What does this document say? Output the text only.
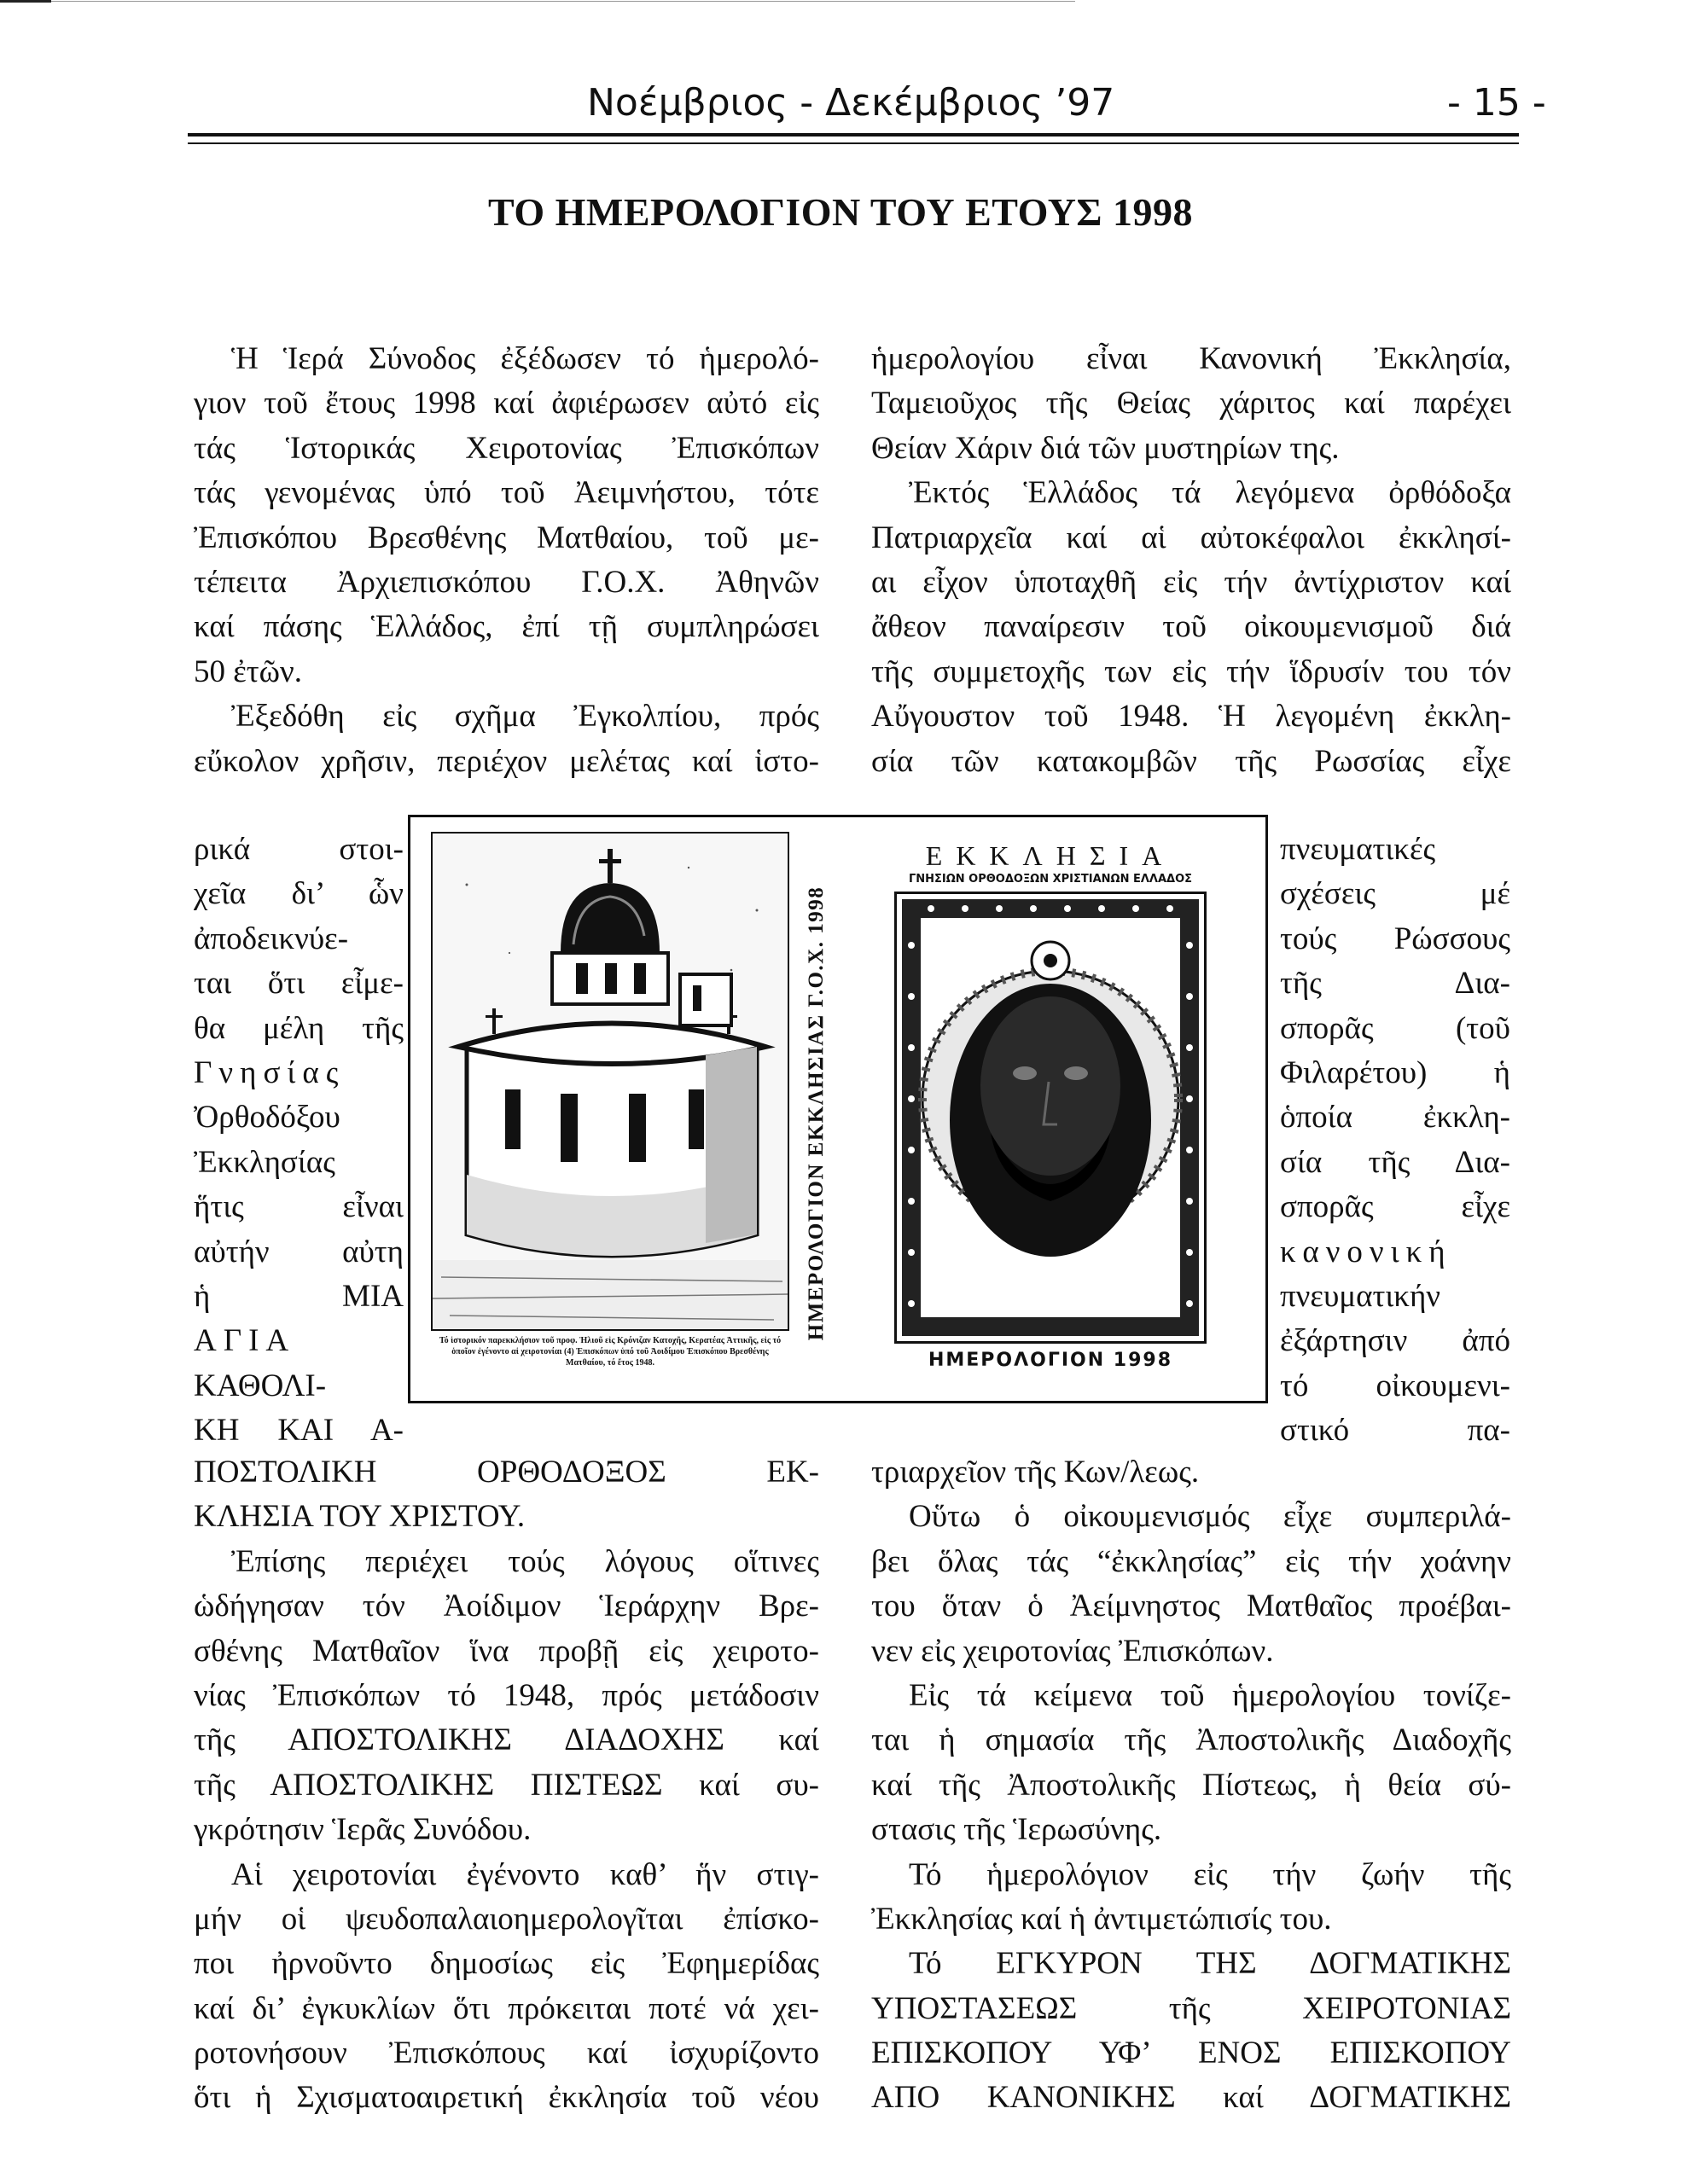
Νοέμβριος - Δεκέμβριος ’97	- 15 -
ΤΟ ΗΜΕΡΟΛΟΓΙΟΝ ΤΟΥ ΕΤΟΥΣ 1998
Ἡ Ἱερά Σύνοδος ἐξέδωσεν τό ἡμερολό-
γιον τοῦ ἔτους 1998 καί ἀφιέρωσεν αὐτό εἰς
τάς Ἱστορικάς Χειροτονίας Ἐπισκόπων
τάς γενομένας ὑπό τοῦ Ἀειμνήστου, τότε
Ἐπισκόπου Βρεσθένης Ματθαίου, τοῦ με-
τέπειτα Ἀρχιεπισκόπου Γ.Ο.Χ. Ἀθηνῶν
καί πάσης Ἑλλάδος, ἐπί τῇ συμπληρώσει
50 ἐτῶν.
Ἐξεδόθη εἰς σχῆμα Ἐγκολπίου, πρός
εὔκολον χρῆσιν, περιέχον μελέτας καί ἱστο-
ρικά στοι-
χεῖα δι’ ὧν
ἀποδεικνύε-
ται ὅτι εἶμε-
θα μέλη τῆς
Γνησίας
Ὀρθοδόξου
Ἐκκλησίας
ἥτις εἶναι
αὐτήν αὐτη
ἡ ΜΙΑ
ΑΓΙΑ
ΚΑΘΟΛΙ-
ΚΗ ΚΑΙ Α-
ΠΟΣΤΟΛΙΚΗ ΟΡΘΟΔΟΞΟΣ ΕΚ-
ΚΛΗΣΙΑ ΤΟΥ ΧΡΙΣΤΟΥ.
Ἐπίσης περιέχει τούς λόγους οἵτινες
ὡδήγησαν τόν Ἀοίδιμον Ἱεράρχην Βρε-
σθένης Ματθαῖον ἵνα προβῇ εἰς χειροτο-
νίας Ἐπισκόπων τό 1948, πρός μετάδοσιν
τῆς ΑΠΟΣΤΟΛΙΚΗΣ ΔΙΑΔΟΧΗΣ καί
τῆς ΑΠΟΣΤΟΛΙΚΗΣ ΠΙΣΤΕΩΣ καί συ-
γκρότησιν Ἱερᾶς Συνόδου.
Αἱ χειροτονίαι ἐγένοντο καθ’ ἥν στιγ-
μήν οἱ ψευδοπαλαιοημερολογῖται ἐπίσκο-
ποι ἠρνοῦντο δημοσίως εἰς Ἐφημερίδας
καί δι’ ἐγκυκλίων ὅτι πρόκειται ποτέ νά χει-
ροτονήσουν Ἐπισκόπους καί ἰσχυρίζοντο
ὅτι ἡ Σχισματοαιρετική ἐκκλησία τοῦ νέου
ἡμερολογίου εἶναι Κανονική Ἐκκλησία,
Ταμειοῦχος τῆς Θείας χάριτος καί παρέχει
Θείαν Χάριν διά τῶν μυστηρίων της.
Ἐκτός Ἑλλάδος τά λεγόμενα ὀρθόδοξα
Πατριαρχεῖα καί αἱ αὐτοκέφαλοι ἐκκλησί-
αι εἶχον ὑποταχθῆ εἰς τήν ἀντίχριστον καί
ἄθεον παναίρεσιν τοῦ οἰκουμενισμοῦ διά
τῆς συμμετοχῆς των εἰς τήν ἵδρυσίν του τόν
Αὔγουστον τοῦ 1948. Ἡ λεγομένη ἐκκλη-
σία τῶν κατακομβῶν τῆς Ρωσσίας εἶχε
πνευματικές
σχέσεις μέ
τούς Ρώσσους
τῆς Δια-
σπορᾶς (τοῦ
Φιλαρέτου) ἡ
ὁποία ἐκκλη-
σία τῆς Δια-
σπορᾶς εἶχε
κανονική
πνευματικήν
ἐξάρτησιν ἀπό
τό οἰκουμενι-
στικό πα-
τριαρχεῖον τῆς Κων/λεως.
Οὕτω ὁ οἰκουμενισμός εἶχε συμπεριλά-
βει ὅλας τάς “ἐκκλησίας” εἰς τήν χοάνην
του ὅταν ὁ Ἀείμνηστος Ματθαῖος προέβαι-
νεν εἰς χειροτονίας Ἐπισκόπων.
Εἰς τά κείμενα τοῦ ἡμερολογίου τονίζε-
ται ἡ σημασία τῆς Ἀποστολικῆς Διαδοχῆς
καί τῆς Ἀποστολικῆς Πίστεως, ἡ θεία σύ-
στασις τῆς Ἱερωσύνης.
Τό ἡμερολόγιον εἰς τήν ζωήν τῆς
Ἐκκλησίας καί ἡ ἀντιμετώπισίς του.
Τό ΕΓΚΥΡΟΝ ΤΗΣ ΔΟΓΜΑΤΙΚΗΣ
ΥΠΟΣΤΑΣΕΩΣ τῆς ΧΕΙΡΟΤΟΝΙΑΣ
ΕΠΙΣΚΟΠΟΥ ΥΦ’ ΕΝΟΣ ΕΠΙΣΚΟΠΟΥ
ΑΠΟ ΚΑΝΟΝΙΚΗΣ καί ΔΟΓΜΑΤΙΚΗΣ
Τό ἱστορικόν παρεκκλήσιον τοῦ προφ. Ἡλιοῦ εἰς Κρόνιζαν Κατοχῆς, Κερατέας Ἀττικῆς, εἰς τό ὁποῖον ἐγένοντο αἱ χειροτονίαι (4) Ἐπισκόπων ὑπό τοῦ Ἀοιδίμου Ἐπισκόπου Βρεσθένης Ματθαίου, τό ἔτος 1948.
ΗΜΕΡΟΛΟΓΙΟΝ ΕΚΚΛΗΣΙΑΣ Γ.Ο.Χ. 1998
ΕΚΚΛΗΣΙΑ
ΓΝΗΣΙΩΝ ΟΡΘΟΔΟΞΩΝ ΧΡΙΣΤΙΑΝΩΝ ΕΛΛΑΔΟΣ
ΗΜΕΡΟΛΟΓΙΟΝ 1998
